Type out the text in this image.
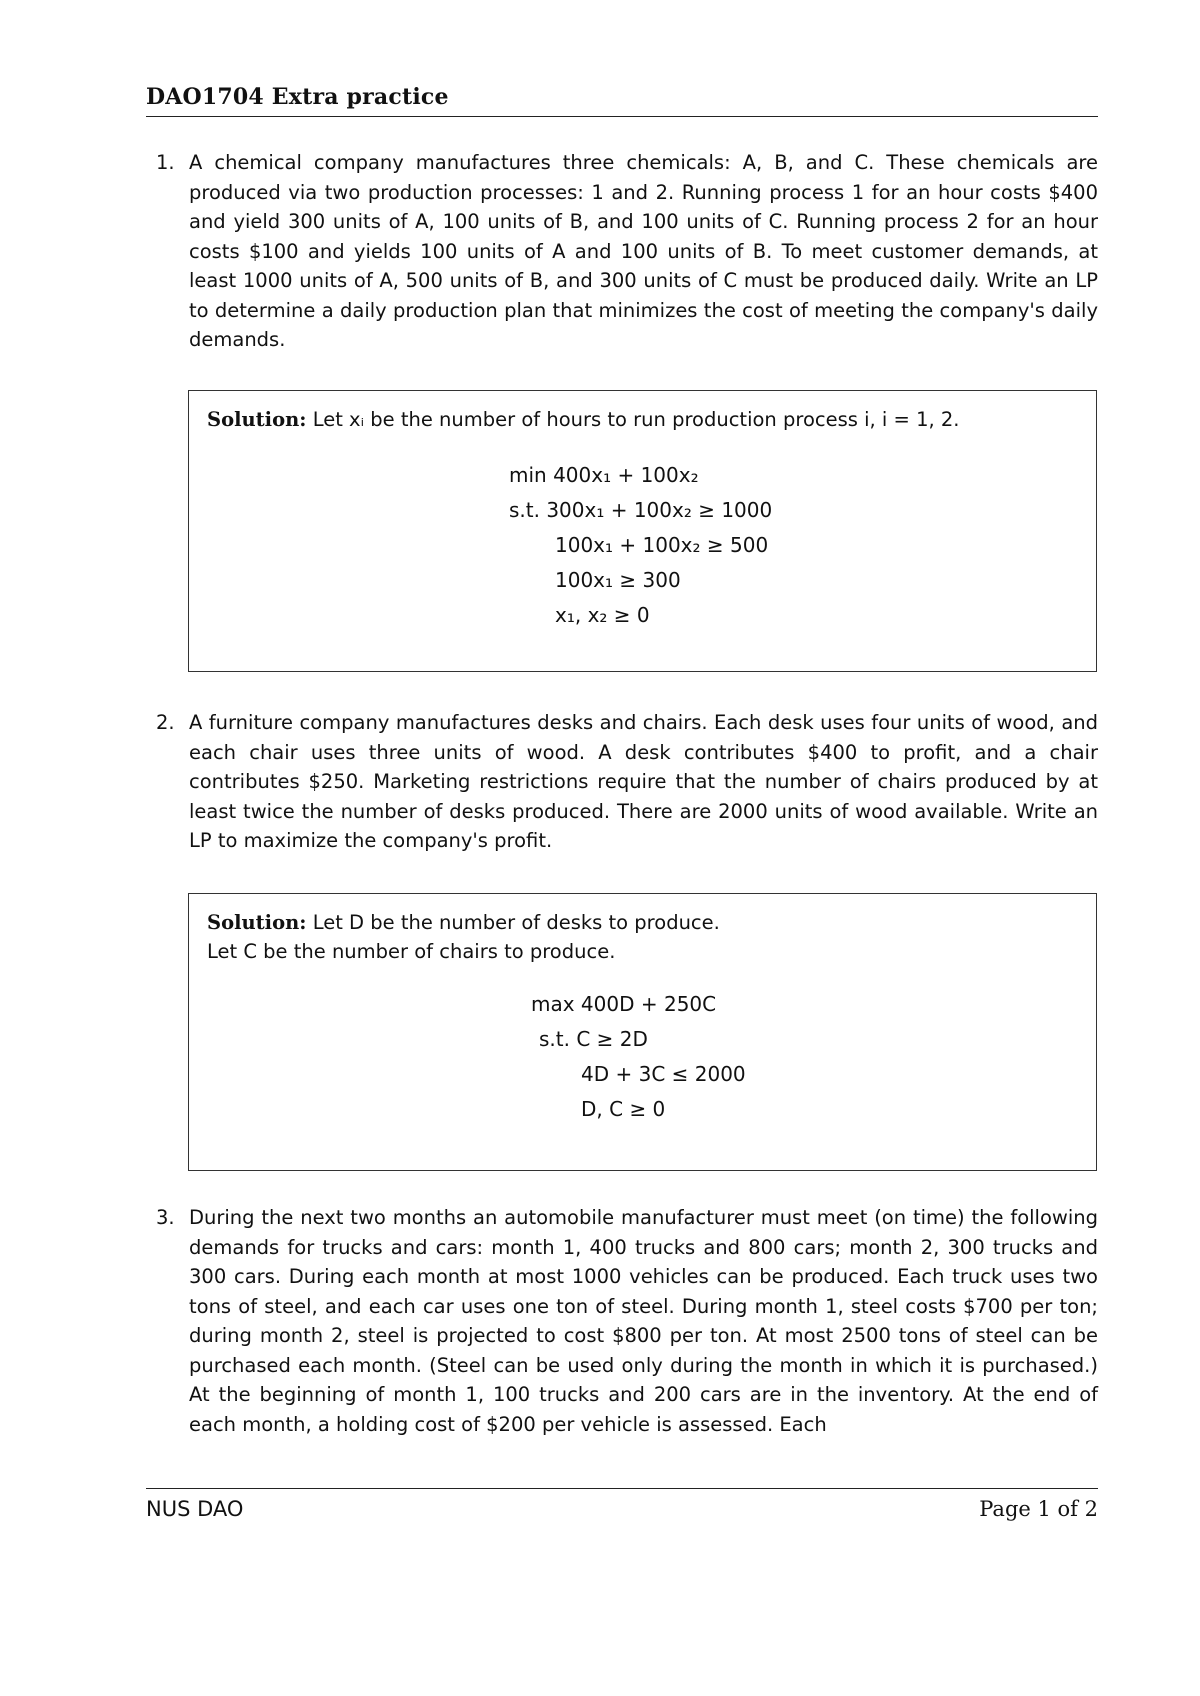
DAO1704 Extra practice
1. A chemical company manufactures three chemicals: A, B, and C. These chemicals are produced via two production processes: 1 and 2. Running process 1 for an hour costs $400 and yield 300 units of A, 100 units of B, and 100 units of C. Running process 2 for an hour costs $100 and yields 100 units of A and 100 units of B. To meet customer demands, at least 1000 units of A, 500 units of B, and 300 units of C must be produced daily. Write an LP to determine a daily production plan that minimizes the cost of meeting the company's daily demands.
Solution: Let xᵢ be the number of hours to run production process i, i = 1, 2.
min 400x₁ + 100x₂
s.t. 300x₁ + 100x₂ ≥ 1000
100x₁ + 100x₂ ≥ 500
100x₁ ≥ 300
x₁, x₂ ≥ 0
2. A furniture company manufactures desks and chairs. Each desk uses four units of wood, and each chair uses three units of wood. A desk contributes $400 to profit, and a chair contributes $250. Marketing restrictions require that the number of chairs produced by at least twice the number of desks produced. There are 2000 units of wood available. Write an LP to maximize the company's profit.
Solution: Let D be the number of desks to produce.
Let C be the number of chairs to produce.
max 400D + 250C
s.t. C ≥ 2D
4D + 3C ≤ 2000
D, C ≥ 0
3. During the next two months an automobile manufacturer must meet (on time) the following demands for trucks and cars: month 1, 400 trucks and 800 cars; month 2, 300 trucks and 300 cars. During each month at most 1000 vehicles can be produced. Each truck uses two tons of steel, and each car uses one ton of steel. During month 1, steel costs $700 per ton; during month 2, steel is projected to cost $800 per ton. At most 2500 tons of steel can be purchased each month. (Steel can be used only during the month in which it is purchased.) At the beginning of month 1, 100 trucks and 200 cars are in the inventory. At the end of each month, a holding cost of $200 per vehicle is assessed. Each
NUS DAO	Page 1 of 2
